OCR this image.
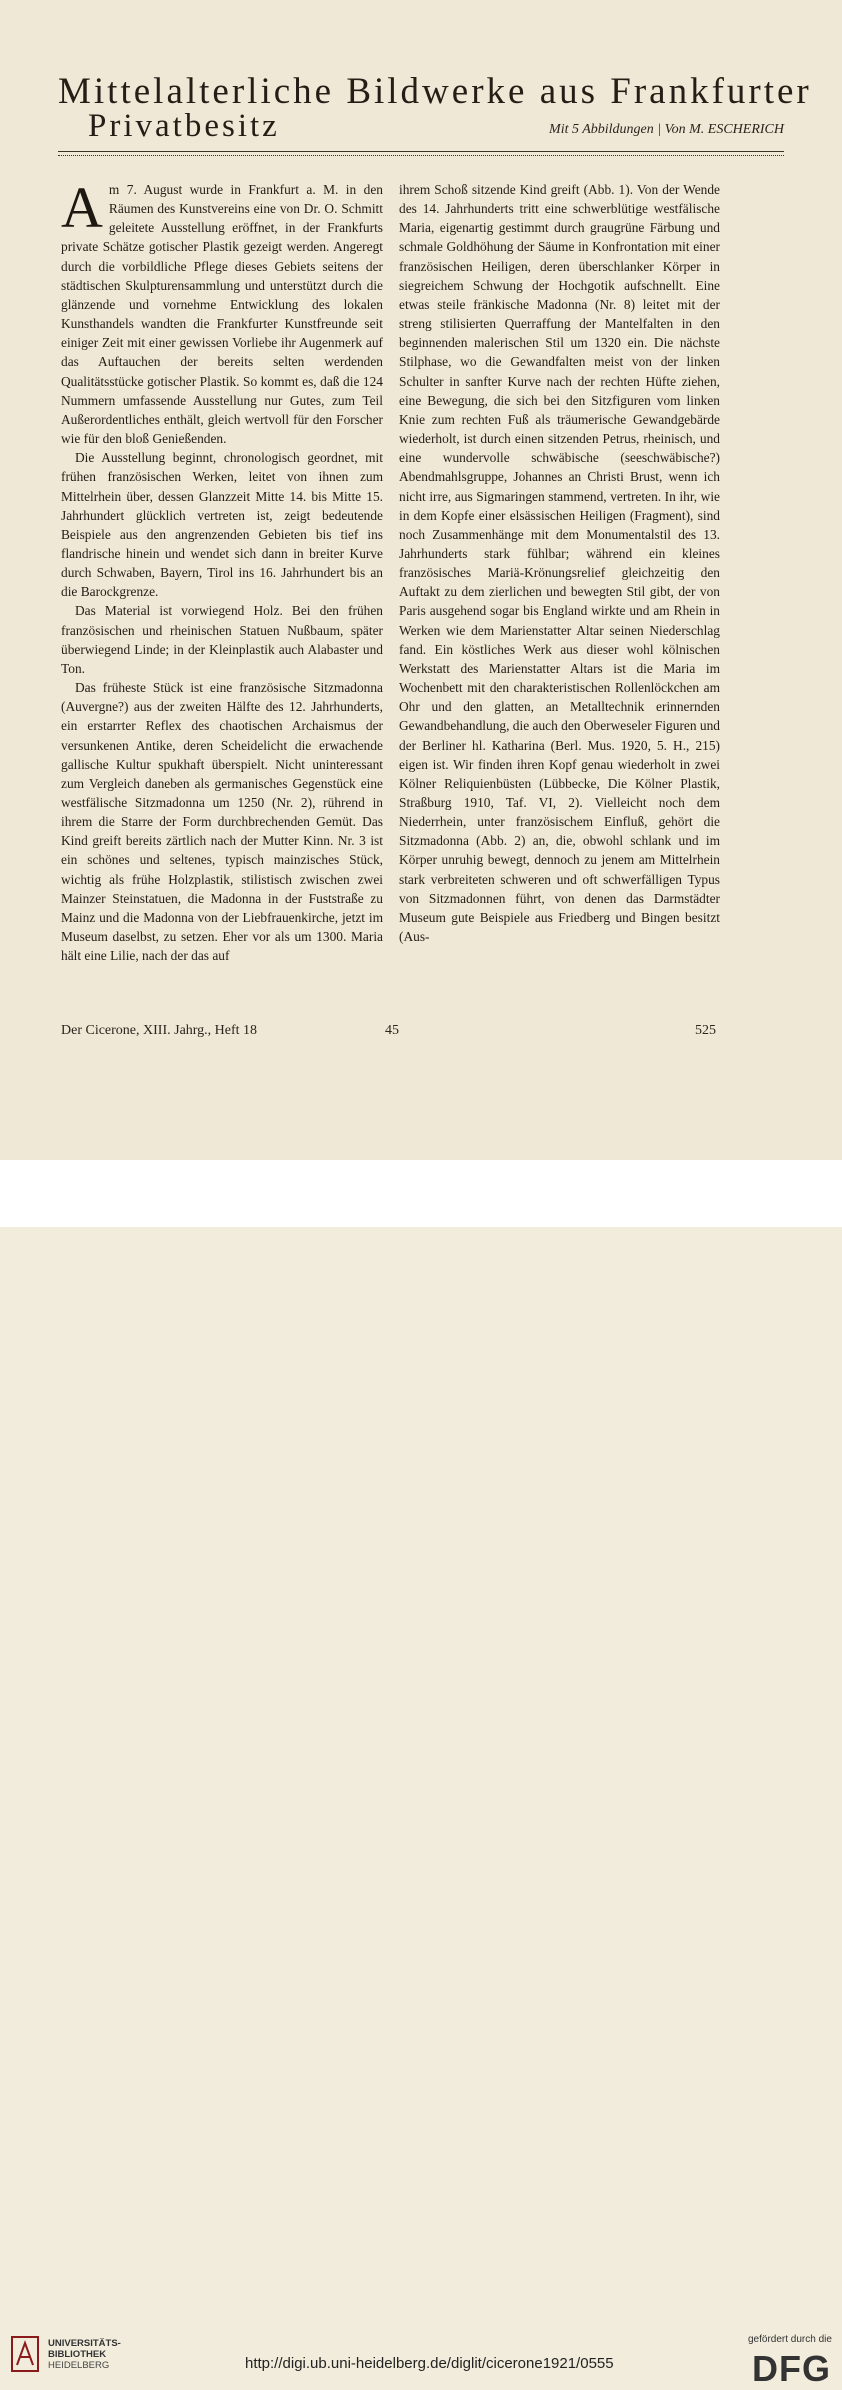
Mittelalterliche Bildwerke aus Frankfurter
Privatbesitz	Mit 5 Abbildungen | Von M. ESCHERICH

Am 7. August wurde in Frankfurt a. M. in den Räumen des Kunstvereins eine von Dr. O. Schmitt geleitete Ausstellung eröffnet, in der Frankfurts private Schätze gotischer Plastik gezeigt werden. Angeregt durch die vorbildliche Pflege dieses Gebiets seitens der städtischen Skulpturensammlung und unterstützt durch die glänzende und vornehme Entwicklung des lokalen Kunsthandels wandten die Frankfurter Kunstfreunde seit einiger Zeit mit einer gewissen Vorliebe ihr Augenmerk auf das Auftauchen der bereits selten werdenden Qualitätsstücke gotischer Plastik. So kommt es, daß die 124 Nummern umfassende Ausstellung nur Gutes, zum Teil Außerordentliches enthält, gleich wertvoll für den Forscher wie für den bloß Genießenden.

Die Ausstellung beginnt, chronologisch geordnet, mit frühen französischen Werken, leitet von ihnen zum Mittelrhein über, dessen Glanzzeit Mitte 14. bis Mitte 15. Jahrhundert glücklich vertreten ist, zeigt bedeutende Beispiele aus den angrenzenden Gebieten bis tief ins flandrische hinein und wendet sich dann in breiter Kurve durch Schwaben, Bayern, Tirol ins 16. Jahrhundert bis an die Barockgrenze.

Das Material ist vorwiegend Holz. Bei den frühen französischen und rheinischen Statuen Nußbaum, später überwiegend Linde; in der Kleinplastik auch Alabaster und Ton.

Das früheste Stück ist eine französische Sitzmadonna (Auvergne?) aus der zweiten Hälfte des 12. Jahrhunderts, ein erstarrter Reflex des chaotischen Archaismus der versunkenen Antike, deren Scheidelicht die erwachende gallische Kultur spukhaft überspielt. Nicht uninteressant zum Vergleich daneben als germanisches Gegenstück eine westfälische Sitzmadonna um 1250 (Nr. 2), rührend in ihrem die Starre der Form durchbrechenden Gemüt. Das Kind greift bereits zärtlich nach der Mutter Kinn. Nr. 3 ist ein schönes und seltenes, typisch mainzisches Stück, wichtig als frühe Holzplastik, stilistisch zwischen zwei Mainzer Steinstatuen, die Madonna in der Fuststraße zu Mainz und die Madonna von der Liebfrauenkirche, jetzt im Museum daselbst, zu setzen. Eher vor als um 1300. Maria hält eine Lilie, nach der das auf

ihrem Schoß sitzende Kind greift (Abb. 1). Von der Wende des 14. Jahrhunderts tritt eine schwerblütige westfälische Maria, eigenartig gestimmt durch graugrüne Färbung und schmale Goldhöhung der Säume in Konfrontation mit einer französischen Heiligen, deren überschlanker Körper in siegreichem Schwung der Hochgotik aufschnellt. Eine etwas steile fränkische Madonna (Nr. 8) leitet mit der streng stilisierten Querraffung der Mantelfalten in den beginnenden malerischen Stil um 1320 ein. Die nächste Stilphase, wo die Gewandfalten meist von der linken Schulter in sanfter Kurve nach der rechten Hüfte ziehen, eine Bewegung, die sich bei den Sitzfiguren vom linken Knie zum rechten Fuß als träumerische Gewandgebärde wiederholt, ist durch einen sitzenden Petrus, rheinisch, und eine wundervolle schwäbische (seeschwäbische?) Abendmahlsgruppe, Johannes an Christi Brust, wenn ich nicht irre, aus Sigmaringen stammend, vertreten. In ihr, wie in dem Kopfe einer elsässischen Heiligen (Fragment), sind noch Zusammenhänge mit dem Monumentalstil des 13. Jahrhunderts stark fühlbar; während ein kleines französisches Mariä-Krönungsrelief gleichzeitig den Auftakt zu dem zierlichen und bewegten Stil gibt, der von Paris ausgehend sogar bis England wirkte und am Rhein in Werken wie dem Marienstatter Altar seinen Niederschlag fand. Ein köstliches Werk aus dieser wohl kölnischen Werkstatt des Marienstatter Altars ist die Maria im Wochenbett mit den charakteristischen Rollenlöckchen am Ohr und den glatten, an Metalltechnik erinnernden Gewandbehandlung, die auch den Oberweseler Figuren und der Berliner hl. Katharina (Berl. Mus. 1920, 5. H., 215) eigen ist. Wir finden ihren Kopf genau wiederholt in zwei Kölner Reliquienbüsten (Lübbecke, Die Kölner Plastik, Straßburg 1910, Taf. VI, 2). Vielleicht noch dem Niederrhein, unter französischem Einfluß, gehört die Sitzmadonna (Abb. 2) an, die, obwohl schlank und im Körper unruhig bewegt, dennoch zu jenem am Mittelrhein stark verbreiteten schweren und oft schwerfälligen Typus von Sitzmadonnen führt, von denen das Darmstädter Museum gute Beispiele aus Friedberg und Bingen besitzt (Aus-

Der Cicerone, XIII. Jahrg., Heft 18	45	525
UNIVERSITÄTS-
BIBLIOTHEK
HEIDELBERG	http://digi.ub.uni-heidelberg.de/diglit/cicerone1921/0555
gefördert durch die
DFG
